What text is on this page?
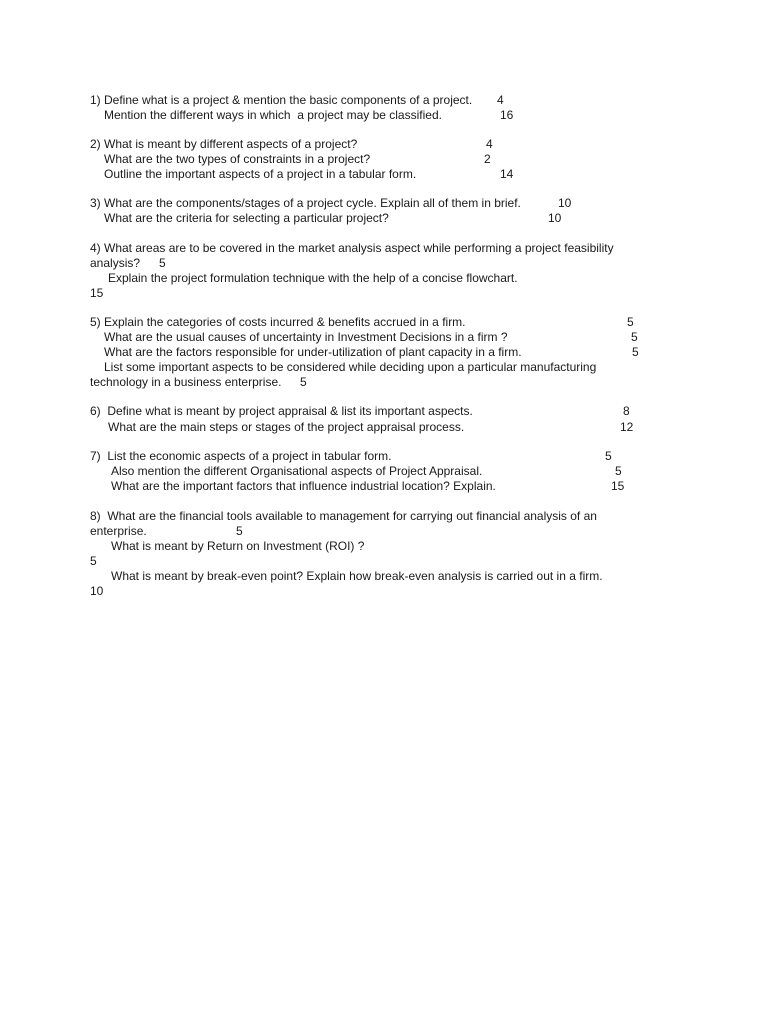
1) Define what is a project & mention the basic components of a project. 4
Mention the different ways in which  a project may be classified.	16
2) What is meant by different aspects of a project?	4
What are the two types of constraints in a project?	2
Outline the important aspects of a project in a tabular form.	14
3) What are the components/stages of a project cycle. Explain all of them in brief.	10
What are the criteria for selecting a particular project?	10
4) What areas are to be covered in the market analysis aspect while performing a project feasibility
analysis? 5
Explain the project formulation technique with the help of a concise flowchart.
15
5) Explain the categories of costs incurred & benefits accrued in a firm.	5
What are the usual causes of uncertainty in Investment Decisions in a firm ?	5
What are the factors responsible for under-utilization of plant capacity in a firm.	5
List some important aspects to be considered while deciding upon a particular manufacturing
technology in a business enterprise. 5
6)  Define what is meant by project appraisal & list its important aspects.	8
What are the main steps or stages of the project appraisal process.	12
7)  List the economic aspects of a project in tabular form.	5
Also mention the different Organisational aspects of Project Appraisal.	5
What are the important factors that influence industrial location? Explain.	15
8)  What are the financial tools available to management for carrying out financial analysis of an
enterprise.	5
What is meant by Return on Investment (ROI) ?
5
What is meant by break-even point? Explain how break-even analysis is carried out in a firm.
10
